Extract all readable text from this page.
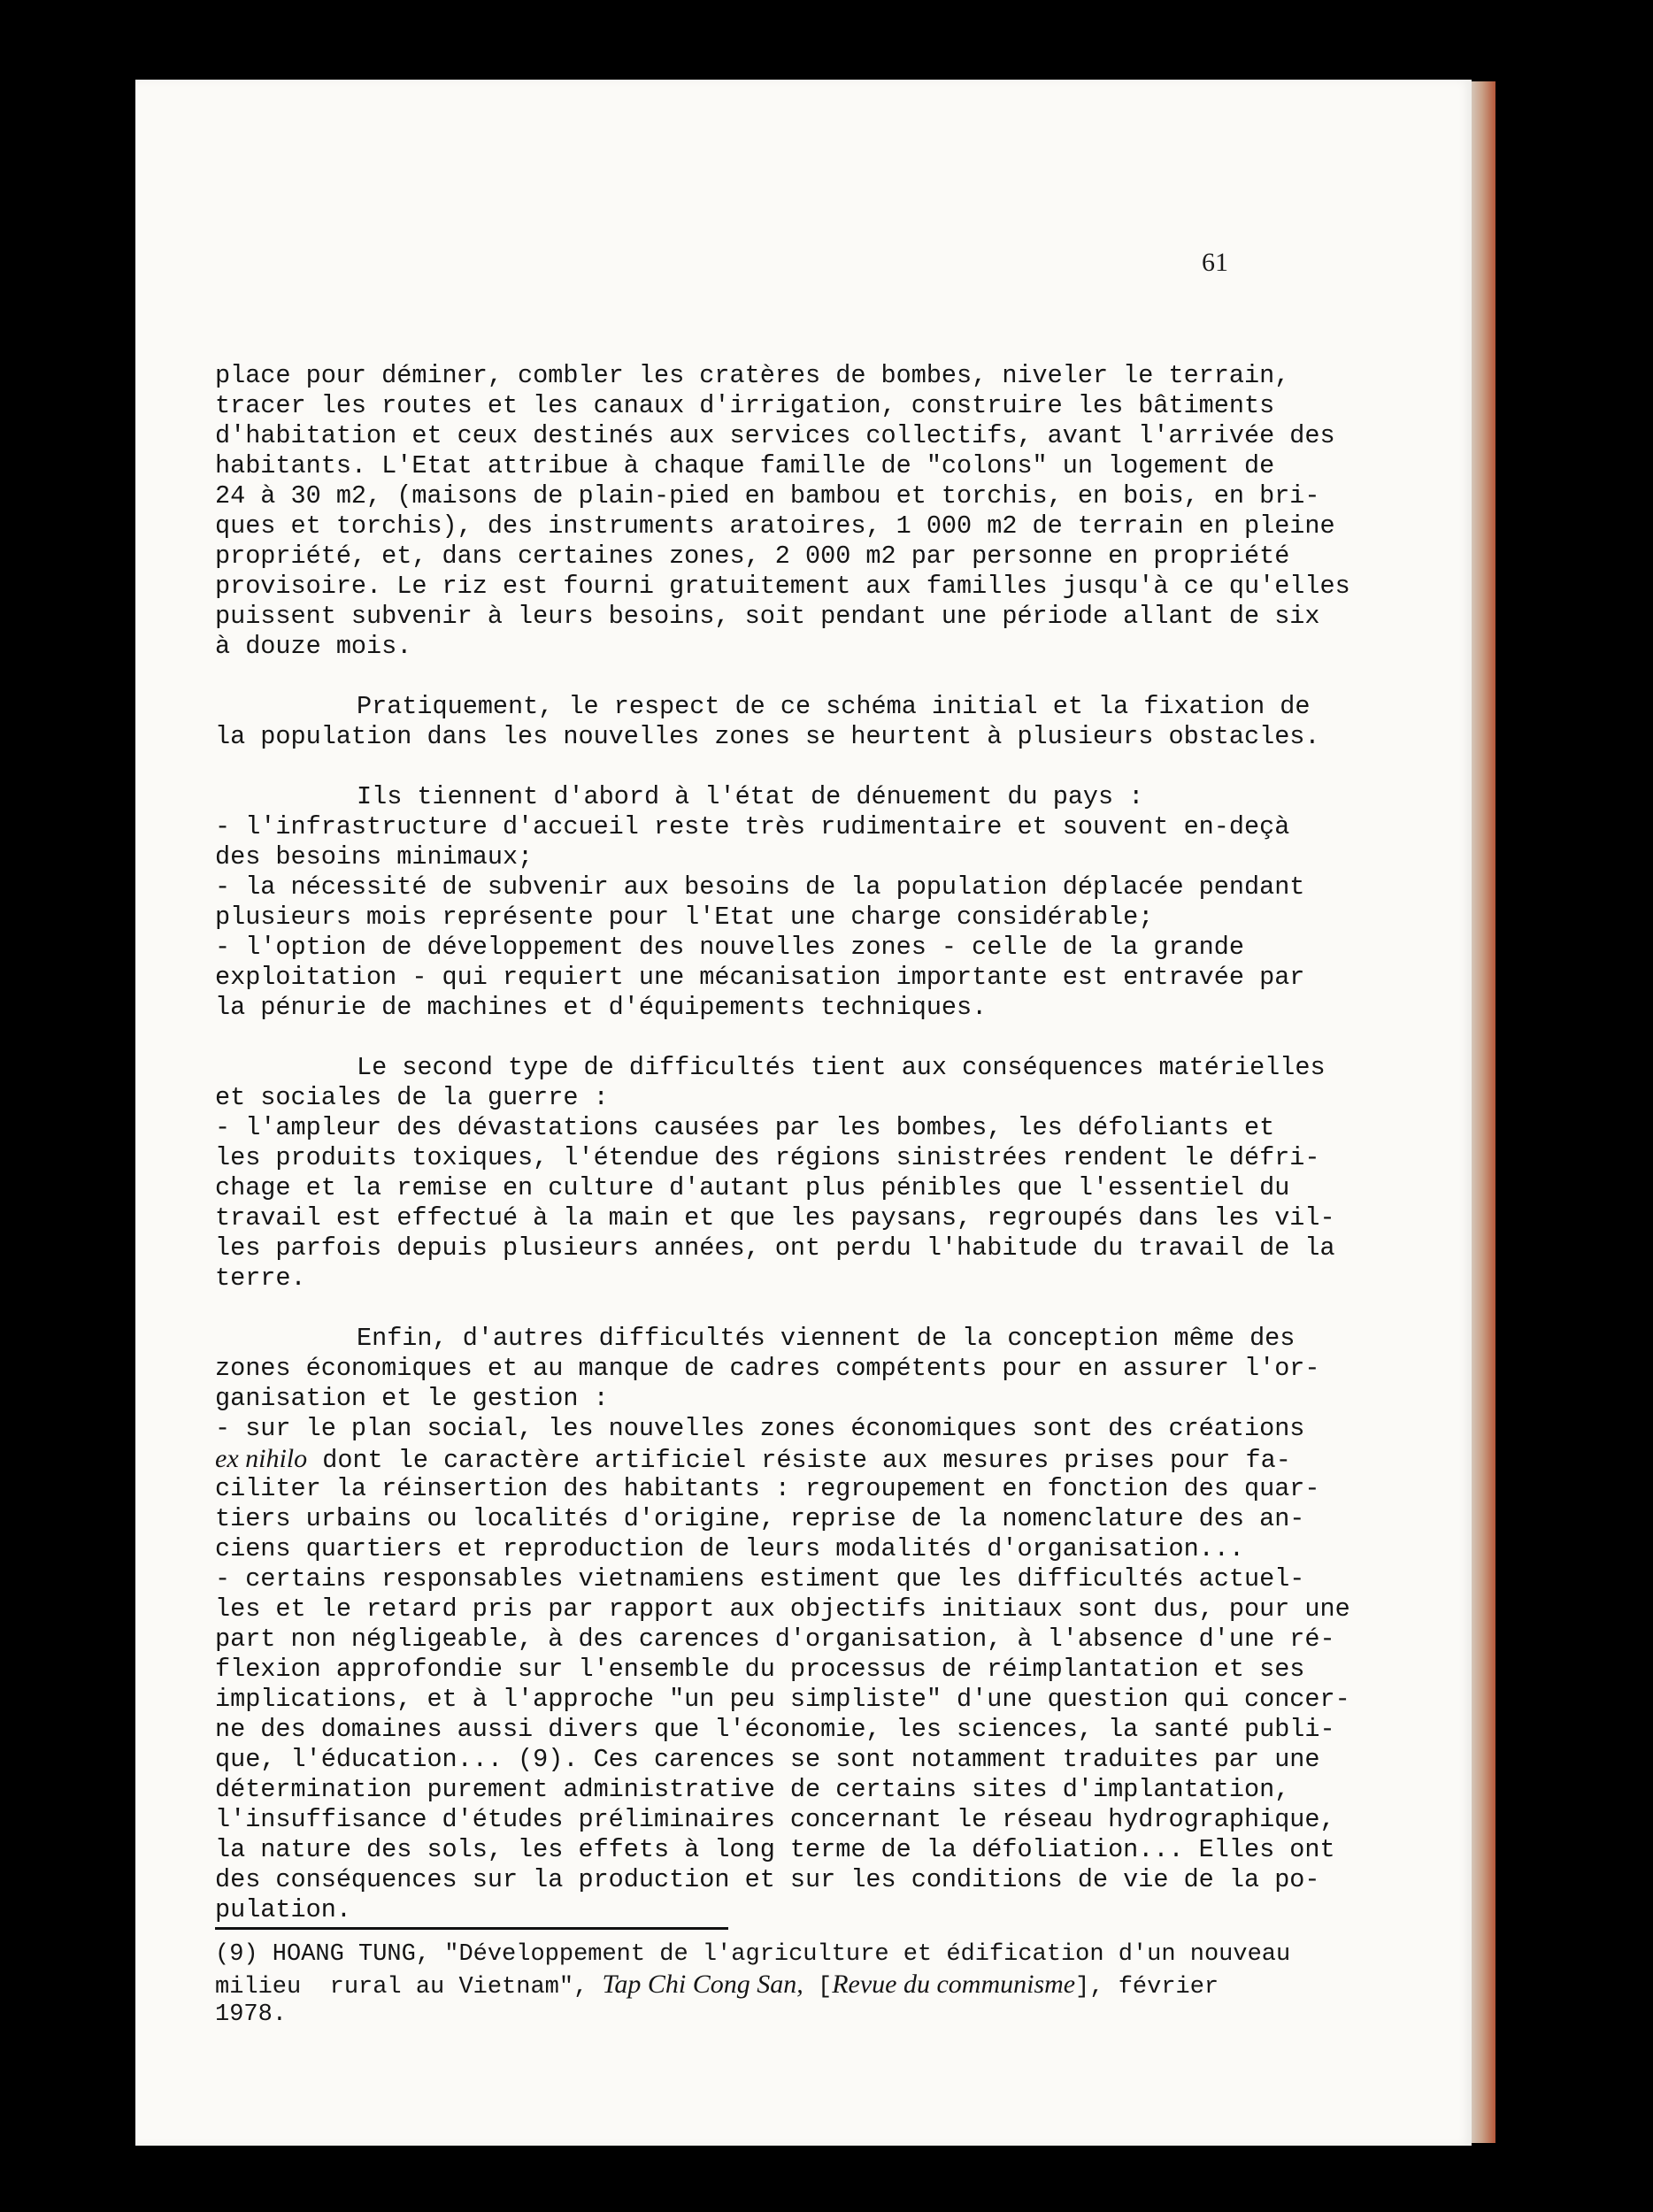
61
place pour déminer, combler les cratères de bombes, niveler le terrain,
tracer les routes et les canaux d'irrigation, construire les bâtiments
d'habitation et ceux destinés aux services collectifs, avant l'arrivée des
habitants. L'Etat attribue à chaque famille de "colons" un logement de
24 à 30 m2, (maisons de plain-pied en bambou et torchis, en bois, en bri-
ques et torchis), des instruments aratoires, 1 000 m2 de terrain en pleine
propriété, et, dans certaines zones, 2 000 m2 par personne en propriété
provisoire. Le riz est fourni gratuitement aux familles jusqu'à ce qu'elles
puissent subvenir à leurs besoins, soit pendant une période allant de six
à douze mois.
Pratiquement, le respect de ce schéma initial et la fixation de
la population dans les nouvelles zones se heurtent à plusieurs obstacles.
Ils tiennent d'abord à l'état de dénuement du pays :
- l'infrastructure d'accueil reste très rudimentaire et souvent en-deçà
des besoins minimaux;
- la nécessité de subvenir aux besoins de la population déplacée pendant
plusieurs mois représente pour l'Etat une charge considérable;
- l'option de développement des nouvelles zones - celle de la grande
exploitation - qui requiert une mécanisation importante est entravée par
la pénurie de machines et d'équipements techniques.
Le second type de difficultés tient aux conséquences matérielles
et sociales de la guerre :
- l'ampleur des dévastations causées par les bombes, les défoliants et
les produits toxiques, l'étendue des régions sinistrées rendent le défri-
chage et la remise en culture d'autant plus pénibles que l'essentiel du
travail est effectué à la main et que les paysans, regroupés dans les vil-
les parfois depuis plusieurs années, ont perdu l'habitude du travail de la
terre.
Enfin, d'autres difficultés viennent de la conception même des
zones économiques et au manque de cadres compétents pour en assurer l'or-
ganisation et le gestion :
- sur le plan social, les nouvelles zones économiques sont des créations
ex nihilo dont le caractère artificiel résiste aux mesures prises pour fa-
ciliter la réinsertion des habitants : regroupement en fonction des quar-
tiers urbains ou localités d'origine, reprise de la nomenclature des an-
ciens quartiers et reproduction de leurs modalités d'organisation...
- certains responsables vietnamiens estiment que les difficultés actuel-
les et le retard pris par rapport aux objectifs initiaux sont dus, pour une
part non négligeable, à des carences d'organisation, à l'absence d'une ré-
flexion approfondie sur l'ensemble du processus de réimplantation et ses
implications, et à l'approche "un peu simpliste" d'une question qui concer-
ne des domaines aussi divers que l'économie, les sciences, la santé publi-
que, l'éducation... (9). Ces carences se sont notamment traduites par une
détermination purement administrative de certains sites d'implantation,
l'insuffisance d'études préliminaires concernant le réseau hydrographique,
la nature des sols, les effets à long terme de la défoliation... Elles ont
des conséquences sur la production et sur les conditions de vie de la po-
pulation.
(9) HOANG TUNG, "Développement de l'agriculture et édification d'un nouveau
milieu  rural au Vietnam", Tap Chi Cong San, [Revue du communisme], février
1978.
